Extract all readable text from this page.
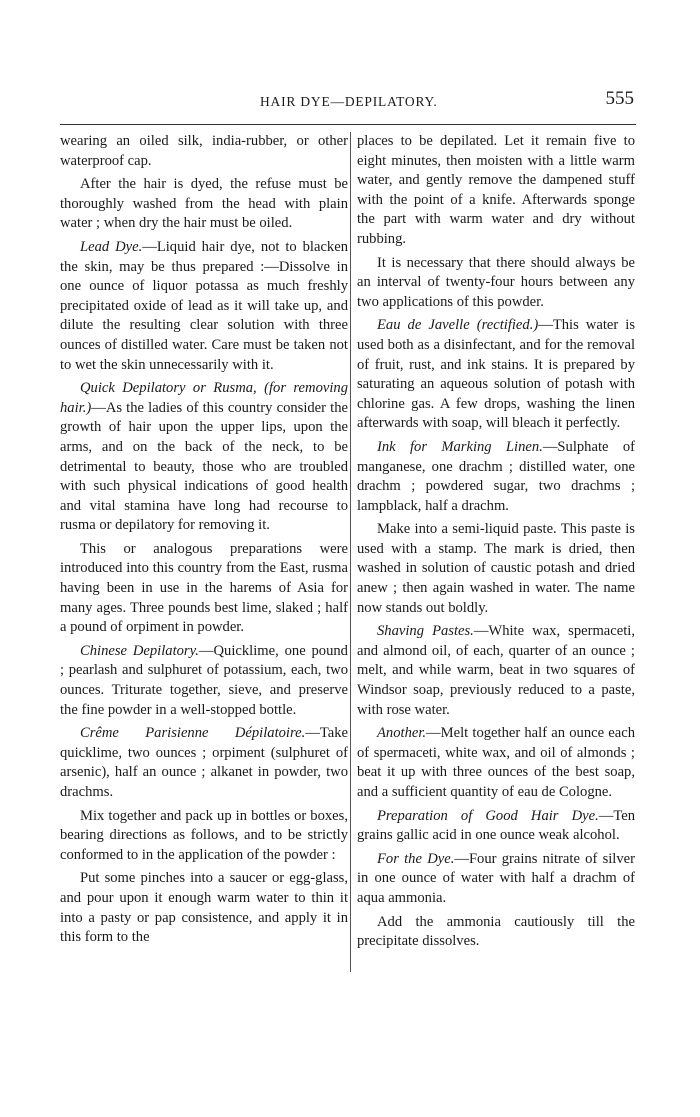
HAIR DYE—DEPILATORY.	555

wearing an oiled silk, india-rubber, or other waterproof cap.

After the hair is dyed, the refuse must be thoroughly washed from the head with plain water ; when dry the hair must be oiled.

Lead Dye.—Liquid hair dye, not to blacken the skin, may be thus prepared :—Dissolve in one ounce of liquor potassa as much freshly precipitated oxide of lead as it will take up, and dilute the resulting clear solution with three ounces of distilled water. Care must be taken not to wet the skin unnecessarily with it.

Quick Depilatory or Rusma, (for removing hair.)—As the ladies of this country consider the growth of hair upon the upper lips, upon the arms, and on the back of the neck, to be detrimental to beauty, those who are troubled with such physical indications of good health and vital stamina have long had recourse to rusma or depilatory for removing it.

This or analogous preparations were introduced into this country from the East, rusma having been in use in the harems of Asia for many ages. Three pounds best lime, slaked ; half a pound of orpiment in powder.

Chinese Depilatory.—Quicklime, one pound ; pearlash and sulphuret of potassium, each, two ounces. Triturate together, sieve, and preserve the fine powder in a well-stopped bottle.

Crême Parisienne Dépilatoire.—Take quicklime, two ounces ; orpiment (sulphuret of arsenic), half an ounce ; alkanet in powder, two drachms.

Mix together and pack up in bottles or boxes, bearing directions as follows, and to be strictly conformed to in the application of the powder :

Put some pinches into a saucer or egg-glass, and pour upon it enough warm water to thin it into a pasty or pap consistence, and apply it in this form to the

places to be depilated. Let it remain five to eight minutes, then moisten with a little warm water, and gently remove the dampened stuff with the point of a knife. Afterwards sponge the part with warm water and dry without rubbing.

It is necessary that there should always be an interval of twenty-four hours between any two applications of this powder.

Eau de Javelle (rectified.)—This water is used both as a disinfectant, and for the removal of fruit, rust, and ink stains. It is prepared by saturating an aqueous solution of potash with chlorine gas. A few drops, washing the linen afterwards with soap, will bleach it perfectly.

Ink for Marking Linen.—Sulphate of manganese, one drachm ; distilled water, one drachm ; powdered sugar, two drachms ; lampblack, half a drachm.

Make into a semi-liquid paste. This paste is used with a stamp. The mark is dried, then washed in solution of caustic potash and dried anew ; then again washed in water. The name now stands out boldly.

Shaving Pastes.—White wax, spermaceti, and almond oil, of each, quarter of an ounce ; melt, and while warm, beat in two squares of Windsor soap, previously reduced to a paste, with rose water.

Another.—Melt together half an ounce each of spermaceti, white wax, and oil of almonds ; beat it up with three ounces of the best soap, and a sufficient quantity of eau de Cologne.

Preparation of Good Hair Dye.—Ten grains gallic acid in one ounce weak alcohol.

For the Dye.—Four grains nitrate of silver in one ounce of water with half a drachm of aqua ammonia.

Add the ammonia cautiously till the precipitate dissolves.
